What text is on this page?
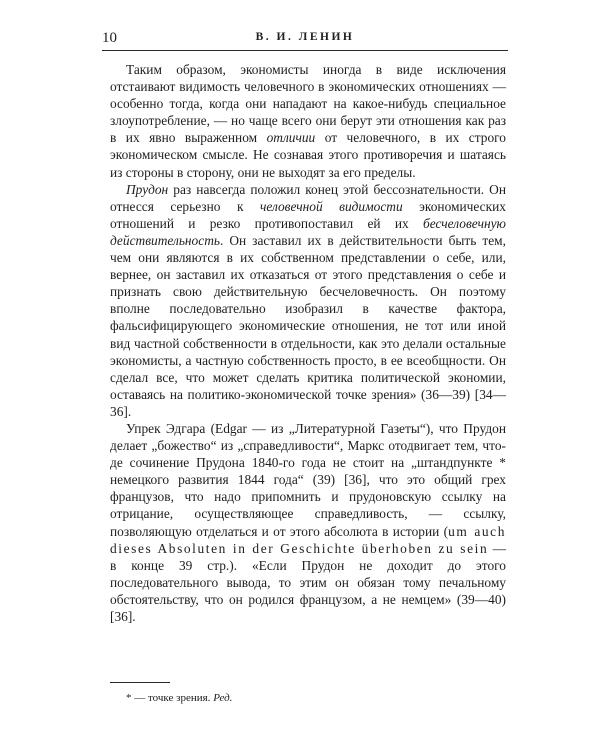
10	В. И. ЛЕНИН

Таким образом, экономисты иногда в виде исключения отстаивают видимость человечного в экономических отношениях — особенно тогда, когда они нападают на какое-нибудь специальное злоупотребление, — но чаще всего они берут эти отношения как раз в их явно выраженном отличии от человечного, в их строго экономическом смысле. Не сознавая этого противоречия и шатаясь из стороны в сторону, они не выходят за его пределы.

Прудон раз навсегда положил конец этой бессознательности. Он отнесся серьезно к человечной видимости экономических отношений и резко противопоставил ей их бесчеловечную действительность. Он заставил их в действительности быть тем, чем они являются в их собственном представлении о себе, или, вернее, он заставил их отказаться от этого представления о себе и признать свою действительную бесчеловечность. Он поэтому вполне последовательно изобразил в качестве фактора, фальсифицирующего экономические отношения, не тот или иной вид частной собственности в отдельности, как это делали остальные экономисты, а частную собственность просто, в ее всеобщности. Он сделал все, что может сделать критика политической экономии, оставаясь на политико-экономической точке зрения» (36—39) [34—36].

Упрек Эдгара (Edgar — из „Литературной Газеты“), что Прудон делает „божество“ из „справедливости“, Маркс отодвигает тем, что-де сочинение Прудона 1840-го года не стоит на „штандпункте * немецкого развития 1844 года“ (39) [36], что это общий грех французов, что надо припомнить и прудоновскую ссылку на отрицание, осуществляющее справедливость, — ссылку, позволяющую отделаться и от этого абсолюта в истории (um auch dieses Absoluten in der Geschichte überhoben zu sein — в конце 39 стр.). «Если Прудон не доходит до этого последовательного вывода, то этим он обязан тому печальному обстоятельству, что он родился французом, а не немцем» (39—40) [36].

* — точке зрения. Ред.
